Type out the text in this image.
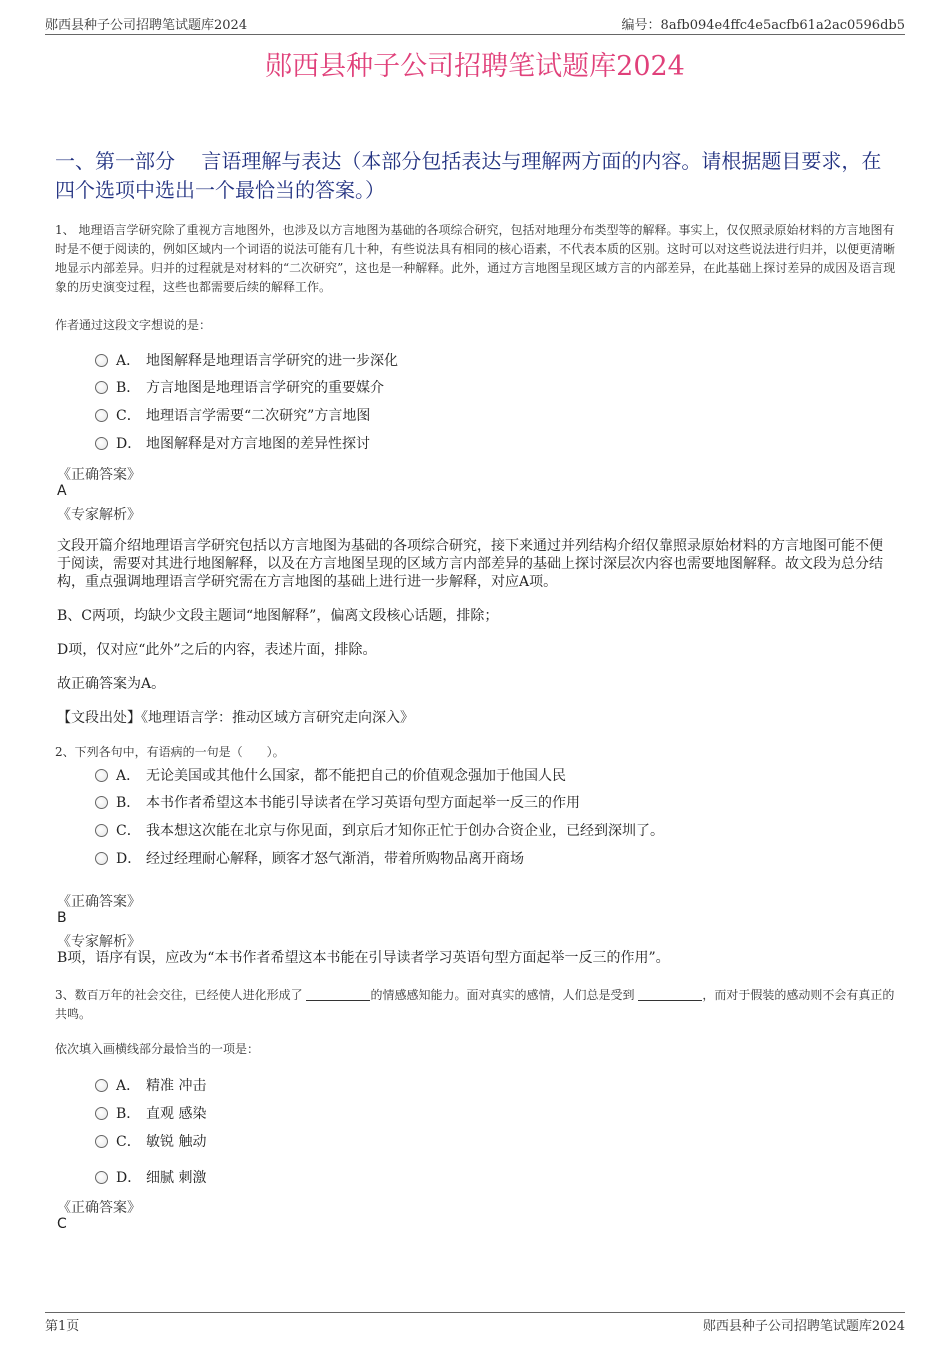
郧西县种子公司招聘笔试题库2024	编号：8afb094e4ffc4e5acfb61a2ac0596db5
郧西县种子公司招聘笔试题库2024
一、第一部分　 言语理解与表达（本部分包括表达与理解两方面的内容。请根据题目要求，在四个选项中选出一个最恰当的答案。）
1、 地理语言学研究除了重视方言地图外，也涉及以方言地图为基础的各项综合研究，包括对地理分布类型等的解释。事实上，仅仅照录原始材料的方言地图有时是不便于阅读的，例如区域内一个词语的说法可能有几十种，有些说法具有相同的核心语素，不代表本质的区别。这时可以对这些说法进行归并，以便更清晰地显示内部差异。归并的过程就是对材料的“二次研究”，这也是一种解释。此外，通过方言地图呈现区域方言的内部差异，在此基础上探讨差异的成因及语言现象的历史演变过程，这些也都需要后续的解释工作。
作者通过这段文字想说的是：
A． 地图解释是地理语言学研究的进一步深化
B． 方言地图是地理语言学研究的重要媒介
C． 地理语言学需要“二次研究”方言地图
D． 地图解释是对方言地图的差异性探讨
《正确答案》
A
《专家解析》
文段开篇介绍地理语言学研究包括以方言地图为基础的各项综合研究，接下来通过并列结构介绍仅靠照录原始材料的方言地图可能不便于阅读，需要对其进行地图解释，以及在方言地图呈现的区域方言内部差异的基础上探讨深层次内容也需要地图解释。故文段为总分结构，重点强调地理语言学研究需在方言地图的基础上进行进一步解释，对应A项。
B、C两项，均缺少文段主题词“地图解释”，偏离文段核心话题，排除；
D项，仅对应“此外”之后的内容，表述片面，排除。
故正确答案为A。
【文段出处】《地理语言学：推动区域方言研究走向深入》
2、下列各句中，有语病的一句是（　　）。
A． 无论美国或其他什么国家，都不能把自己的价值观念强加于他国人民
B． 本书作者希望这本书能引导读者在学习英语句型方面起举一反三的作用
C． 我本想这次能在北京与你见面，到京后才知你正忙于创办合资企业，已经到深圳了。
D． 经过经理耐心解释，顾客才怒气渐消，带着所购物品离开商场
《正确答案》
B
《专家解析》
B项，语序有误，应改为“本书作者希望这本书能在引导读者学习英语句型方面起举一反三的作用”。
3、数百万年的社会交往，已经使人进化形成了	的情感感知能力。面对真实的感情，人们总是受到	，而对于假装的感动则不会有真正的共鸣。
依次填入画横线部分最恰当的一项是：
A． 精准 冲击
B． 直观 感染
C． 敏锐 触动
D． 细腻 刺激
《正确答案》
C
第1页	郧西县种子公司招聘笔试题库2024
